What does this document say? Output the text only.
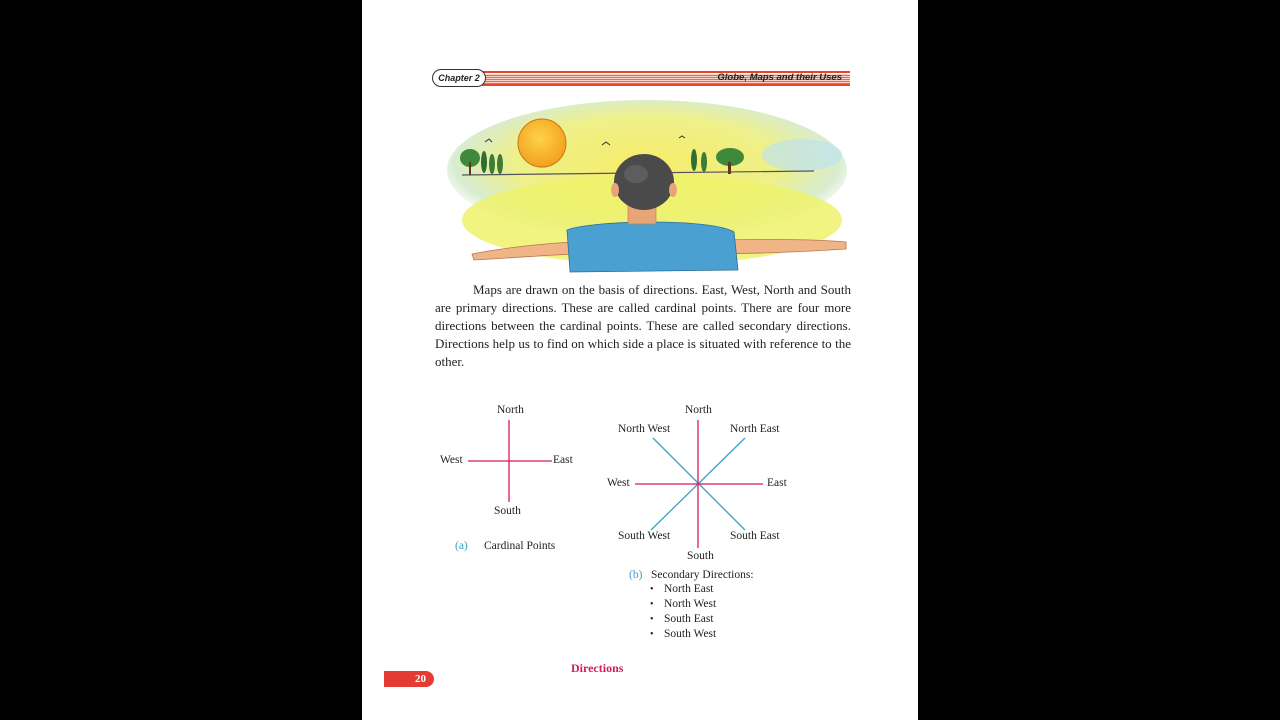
Chapter 2	Globe, Maps and their Uses

Maps are drawn on the basis of directions. East, West, North and South are primary directions. These are called cardinal points. There are four more directions between the cardinal points. These are called secondary directions. Directions help us to find on which side a place is situated with reference to the other.

North
West	East
South
(a) Cardinal Points
North
North West	North East
West	East
South West	South East
South
(b) Secondary Directions:
• North East
• North West
• South East
• South West
20
Directions
